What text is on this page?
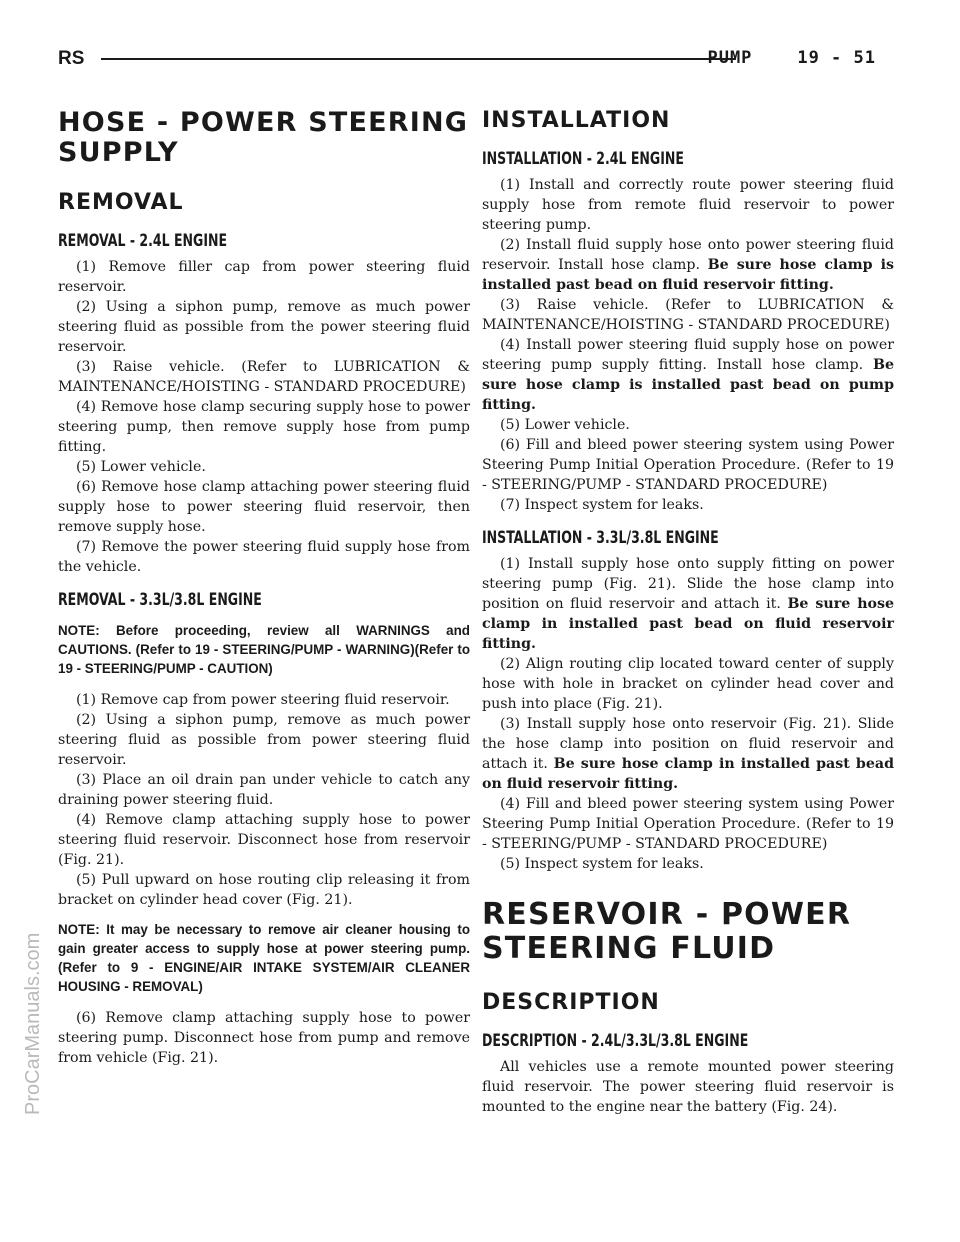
RS	PUMP    19 - 51
ProCarManuals.com
HOSE - POWER STEERING SUPPLY
REMOVAL
REMOVAL - 2.4L ENGINE

(1) Remove filler cap from power steering fluid reservoir.

(2) Using a siphon pump, remove as much power steering fluid as possible from the power steering fluid reservoir.

(3) Raise vehicle. (Refer to LUBRICATION & MAINTENANCE/HOISTING - STANDARD PROCEDURE)

(4) Remove hose clamp securing supply hose to power steering pump, then remove supply hose from pump fitting.

(5) Lower vehicle.

(6) Remove hose clamp attaching power steering fluid supply hose to power steering fluid reservoir, then remove supply hose.

(7) Remove the power steering fluid supply hose from the vehicle.

REMOVAL - 3.3L/3.8L ENGINE

NOTE: Before proceeding, review all WARNINGS and CAUTIONS. (Refer to 19 - STEERING/PUMP - WARNING)(Refer to 19 - STEERING/PUMP - CAUTION)

(1) Remove cap from power steering fluid reservoir.

(2) Using a siphon pump, remove as much power steering fluid as possible from power steering fluid reservoir.

(3) Place an oil drain pan under vehicle to catch any draining power steering fluid.

(4) Remove clamp attaching supply hose to power steering fluid reservoir. Disconnect hose from reservoir (Fig. 21).

(5) Pull upward on hose routing clip releasing it from bracket on cylinder head cover (Fig. 21).

NOTE: It may be necessary to remove air cleaner housing to gain greater access to supply hose at power steering pump. (Refer to 9 - ENGINE/AIR INTAKE SYSTEM/AIR CLEANER HOUSING - REMOVAL)

(6) Remove clamp attaching supply hose to power steering pump. Disconnect hose from pump and remove from vehicle (Fig. 21).

INSTALLATION
INSTALLATION - 2.4L ENGINE

(1) Install and correctly route power steering fluid supply hose from remote fluid reservoir to power steering pump.

(2) Install fluid supply hose onto power steering fluid reservoir. Install hose clamp. Be sure hose clamp is installed past bead on fluid reservoir fitting.

(3) Raise vehicle. (Refer to LUBRICATION & MAINTENANCE/HOISTING - STANDARD PROCEDURE)

(4) Install power steering fluid supply hose on power steering pump supply fitting. Install hose clamp. Be sure hose clamp is installed past bead on pump fitting.

(5) Lower vehicle.

(6) Fill and bleed power steering system using Power Steering Pump Initial Operation Procedure. (Refer to 19 - STEERING/PUMP - STANDARD PROCEDURE)

(7) Inspect system for leaks.

INSTALLATION - 3.3L/3.8L ENGINE

(1) Install supply hose onto supply fitting on power steering pump (Fig. 21). Slide the hose clamp into position on fluid reservoir and attach it. Be sure hose clamp in installed past bead on fluid reservoir fitting.

(2) Align routing clip located toward center of supply hose with hole in bracket on cylinder head cover and push into place (Fig. 21).

(3) Install supply hose onto reservoir (Fig. 21). Slide the hose clamp into position on fluid reservoir and attach it. Be sure hose clamp in installed past bead on fluid reservoir fitting.

(4) Fill and bleed power steering system using Power Steering Pump Initial Operation Procedure. (Refer to 19 - STEERING/PUMP - STANDARD PROCEDURE)

(5) Inspect system for leaks.

RESERVOIR - POWER STEERING FLUID
DESCRIPTION
DESCRIPTION - 2.4L/3.3L/3.8L ENGINE

All vehicles use a remote mounted power steering fluid reservoir. The power steering fluid reservoir is mounted to the engine near the battery (Fig. 24).
